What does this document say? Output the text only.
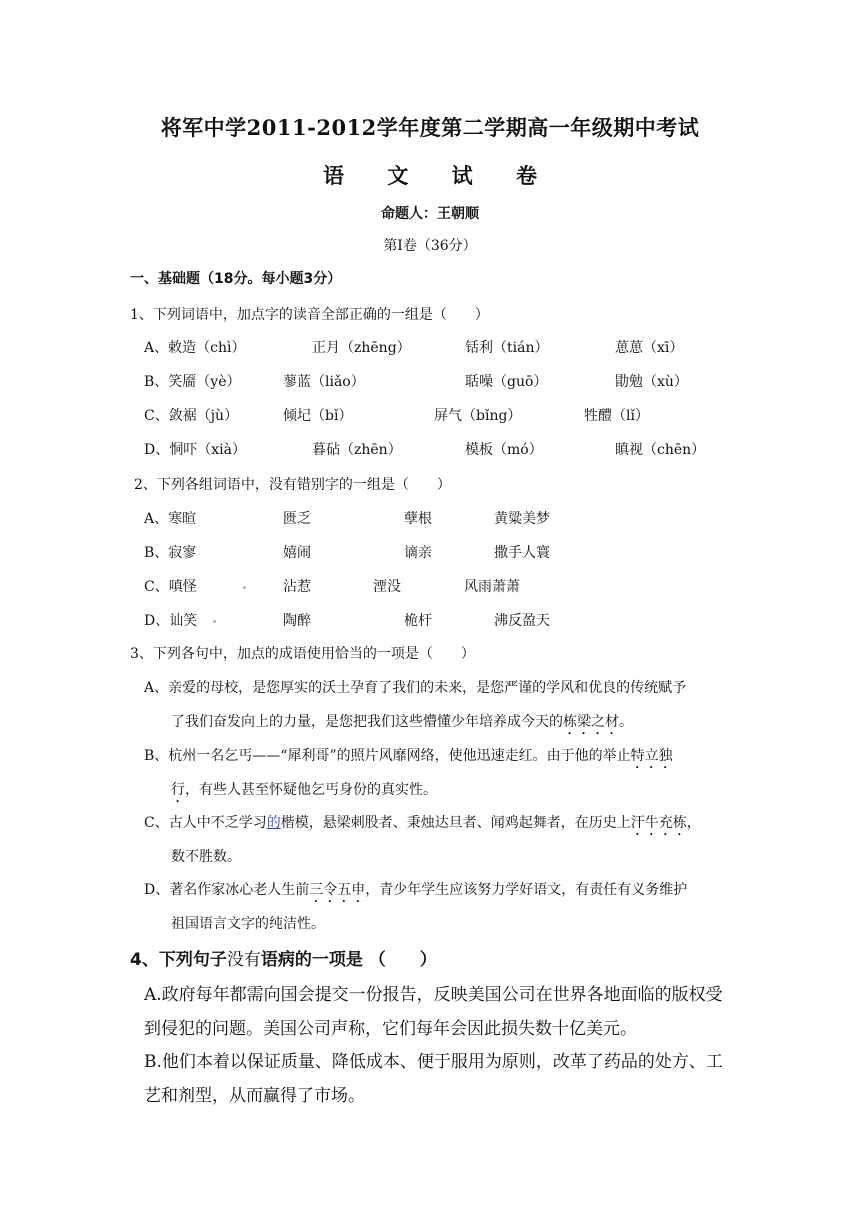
将军中学2011-2012学年度第二学期高一年级期中考试
语 文 试 卷
命题人：王朝顺
第Ⅰ卷（36分）
一、基础题（18分。每小题3分）
1、下列词语中，加点字的读音全部正确的一组是（　　）
A、敕造（chì）	正月（zhēng）	铦利（tián）	葸葸（xī）
B、笑靥（yè）	蓼蓝（liǎo）	聒噪（guō）	勖勉（xù）
C、敛裾（jù）	倾圮（bǐ）	屏气（bǐng）	牲醴（lǐ）
D、恫吓（xià）	暮砧（zhēn）	模板（mó）	瞋视（chēn）
2、下列各组词语中，没有错别字的一组是（　　）
A、寒暄	匮乏	孽根	黄粱美梦
B、寂寥	嬉闹	谪亲	撒手人寰
C、嗔怪	沾惹	湮没	风雨萧萧
D、讪笑	陶醉	桅杆	沸反盈天
3、下列各句中，加点的成语使用恰当的一项是（　　）
A、亲爱的母校，是您厚实的沃土孕育了我们的未来，是您严谨的学风和优良的传统赋予
了我们奋发向上的力量，是您把我们这些懵懂少年培养成今天的栋梁之材。
B、杭州一名乞丐——“犀利哥”的照片风靡网络，使他迅速走红。由于他的举止特立独
行，有些人甚至怀疑他乞丐身份的真实性。
C、古人中不乏学习的楷模，悬梁刺股者、秉烛达旦者、闻鸡起舞者，在历史上汗牛充栋，
数不胜数。
D、著名作家冰心老人生前三令五申，青少年学生应该努力学好语文，有责任有义务维护
祖国语言文字的纯洁性。
4、下列句子没有语病的一项是 （　　）
A.政府每年都需向国会提交一份报告，反映美国公司在世界各地面临的版权受
到侵犯的问题。美国公司声称，它们每年会因此损失数十亿美元。
B.他们本着以保证质量、降低成本、便于服用为原则，改革了药品的处方、工
艺和剂型，从而赢得了市场。
